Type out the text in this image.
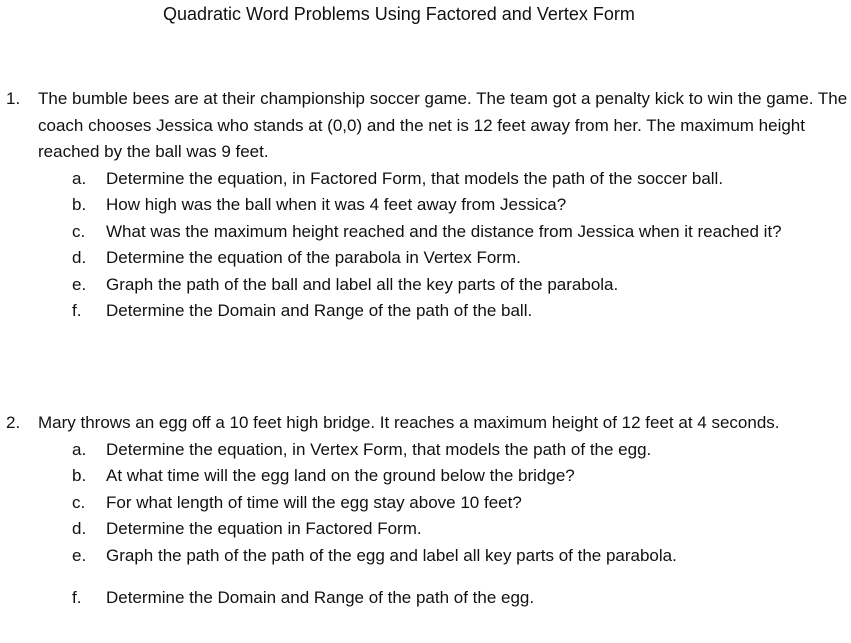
Quadratic Word Problems Using Factored and Vertex Form
1. The bumble bees are at their championship soccer game. The team got a penalty kick to win the game. The coach chooses Jessica who stands at (0,0) and the net is 12 feet away from her. The maximum height reached by the ball was 9 feet.
a. Determine the equation, in Factored Form, that models the path of the soccer ball.
b. How high was the ball when it was 4 feet away from Jessica?
c. What was the maximum height reached and the distance from Jessica when it reached it?
d. Determine the equation of the parabola in Vertex Form.
e. Graph the path of the ball and label all the key parts of the parabola.
f. Determine the Domain and Range of the path of the ball.
2. Mary throws an egg off a 10 feet high bridge. It reaches a maximum height of 12 feet at 4 seconds.
a. Determine the equation, in Vertex Form, that models the path of the egg.
b. At what time will the egg land on the ground below the bridge?
c. For what length of time will the egg stay above 10 feet?
d. Determine the equation in Factored Form.
e. Graph the path of the path of the egg and label all key parts of the parabola.
f. Determine the Domain and Range of the path of the egg.
